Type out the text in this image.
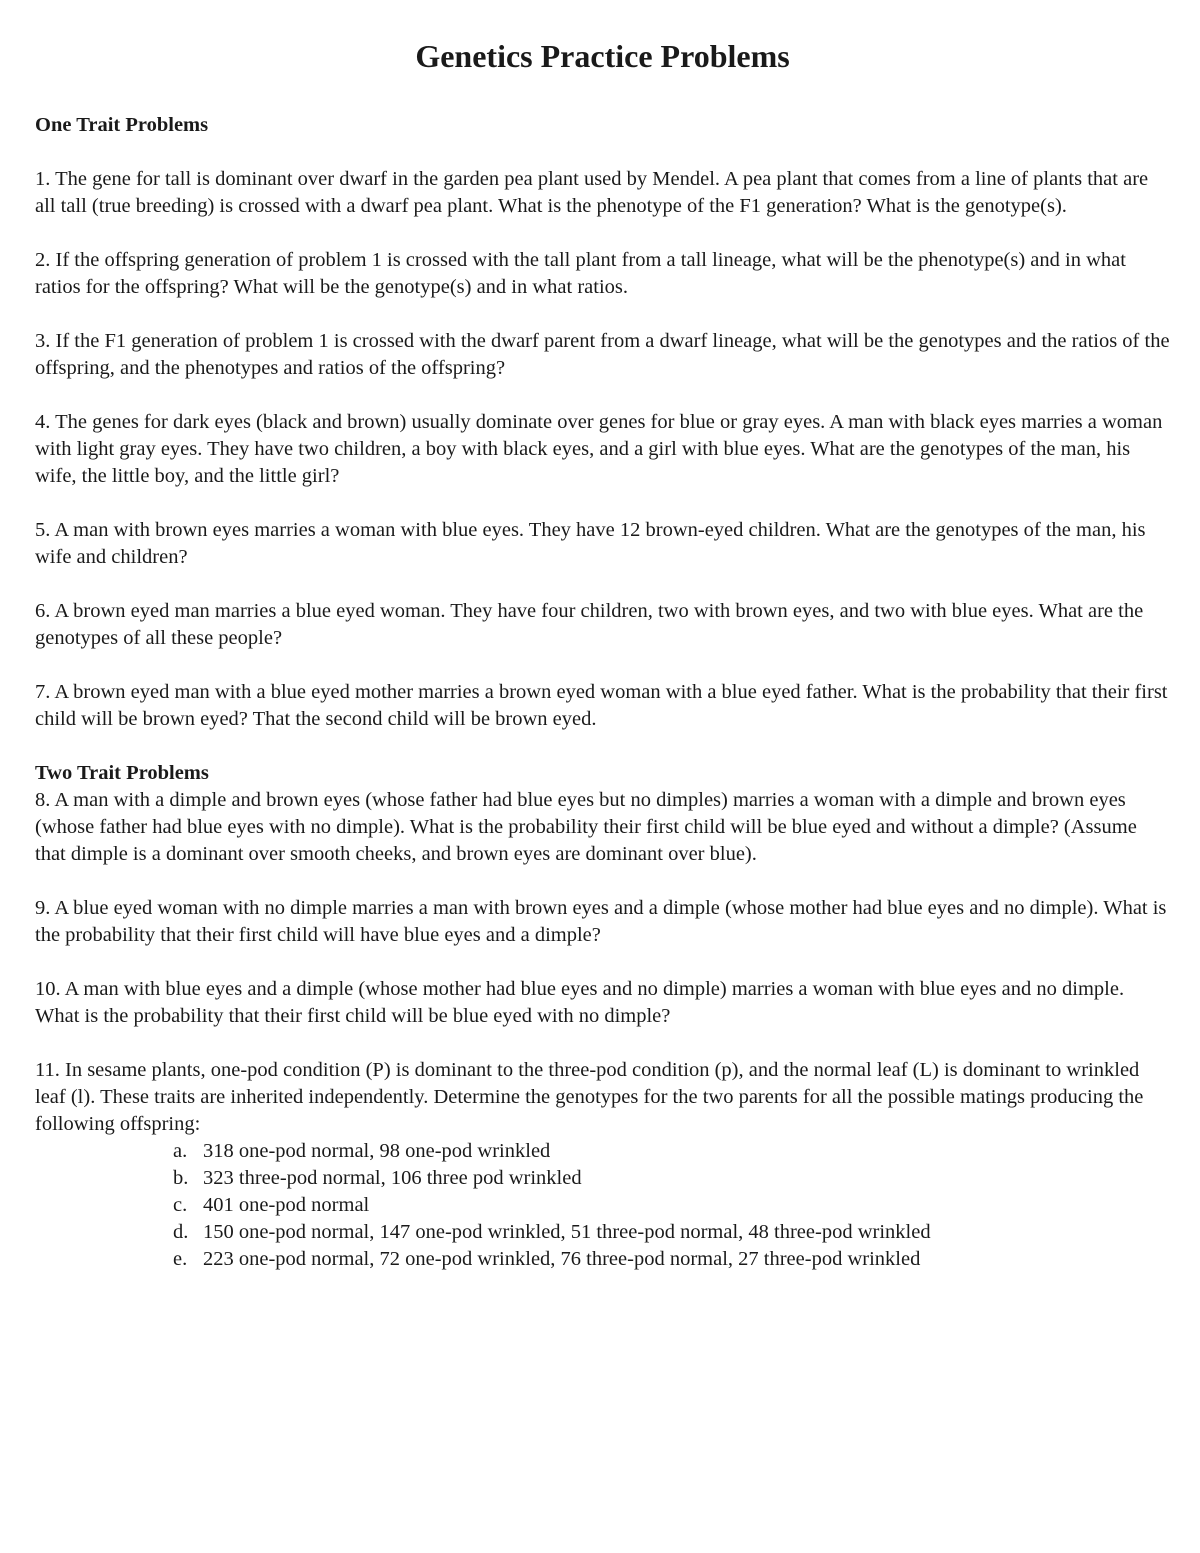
Genetics Practice Problems
One Trait Problems

1. The gene for tall is dominant over dwarf in the garden pea plant used by Mendel. A pea plant that comes from a line of plants that are all tall (true breeding) is crossed with a dwarf pea plant. What is the phenotype of the F1 generation? What is the genotype(s).

2. If the offspring generation of problem 1 is crossed with the tall plant from a tall lineage, what will be the phenotype(s) and in what ratios for the offspring? What will be the genotype(s) and in what ratios.

3. If the F1 generation of problem 1 is crossed with the dwarf parent from a dwarf lineage, what will be the genotypes and the ratios of the offspring, and the phenotypes and ratios of the offspring?

4. The genes for dark eyes (black and brown) usually dominate over genes for blue or gray eyes. A man with black eyes marries a woman with light gray eyes. They have two children, a boy with black eyes, and a girl with blue eyes. What are the genotypes of the man, his wife, the little boy, and the little girl?

5. A man with brown eyes marries a woman with blue eyes. They have 12 brown-eyed children. What are the genotypes of the man, his wife and children?

6. A brown eyed man marries a blue eyed woman. They have four children, two with brown eyes, and two with blue eyes. What are the genotypes of all these people?

7. A brown eyed man with a blue eyed mother marries a brown eyed woman with a blue eyed father. What is the probability that their first child will be brown eyed? That the second child will be brown eyed.

Two Trait Problems

8. A man with a dimple and brown eyes (whose father had blue eyes but no dimples) marries a woman with a dimple and brown eyes (whose father had blue eyes with no dimple). What is the probability their first child will be blue eyed and without a dimple? (Assume that dimple is a dominant over smooth cheeks, and brown eyes are dominant over blue).

9. A blue eyed woman with no dimple marries a man with brown eyes and a dimple (whose mother had blue eyes and no dimple). What is the probability that their first child will have blue eyes and a dimple?

10. A man with blue eyes and a dimple (whose mother had blue eyes and no dimple) marries a woman with blue eyes and no dimple. What is the probability that their first child will be blue eyed with no dimple?

11. In sesame plants, one-pod condition (P) is dominant to the three-pod condition (p), and the normal leaf (L) is dominant to wrinkled leaf (l). These traits are inherited independently. Determine the genotypes for the two parents for all the possible matings producing the following offspring:

a. 318 one-pod normal, 98 one-pod wrinkled
b. 323 three-pod normal, 106 three pod wrinkled
c. 401 one-pod normal
d. 150 one-pod normal, 147 one-pod wrinkled, 51 three-pod normal, 48 three-pod wrinkled
e. 223 one-pod normal, 72 one-pod wrinkled, 76 three-pod normal, 27 three-pod wrinkled
